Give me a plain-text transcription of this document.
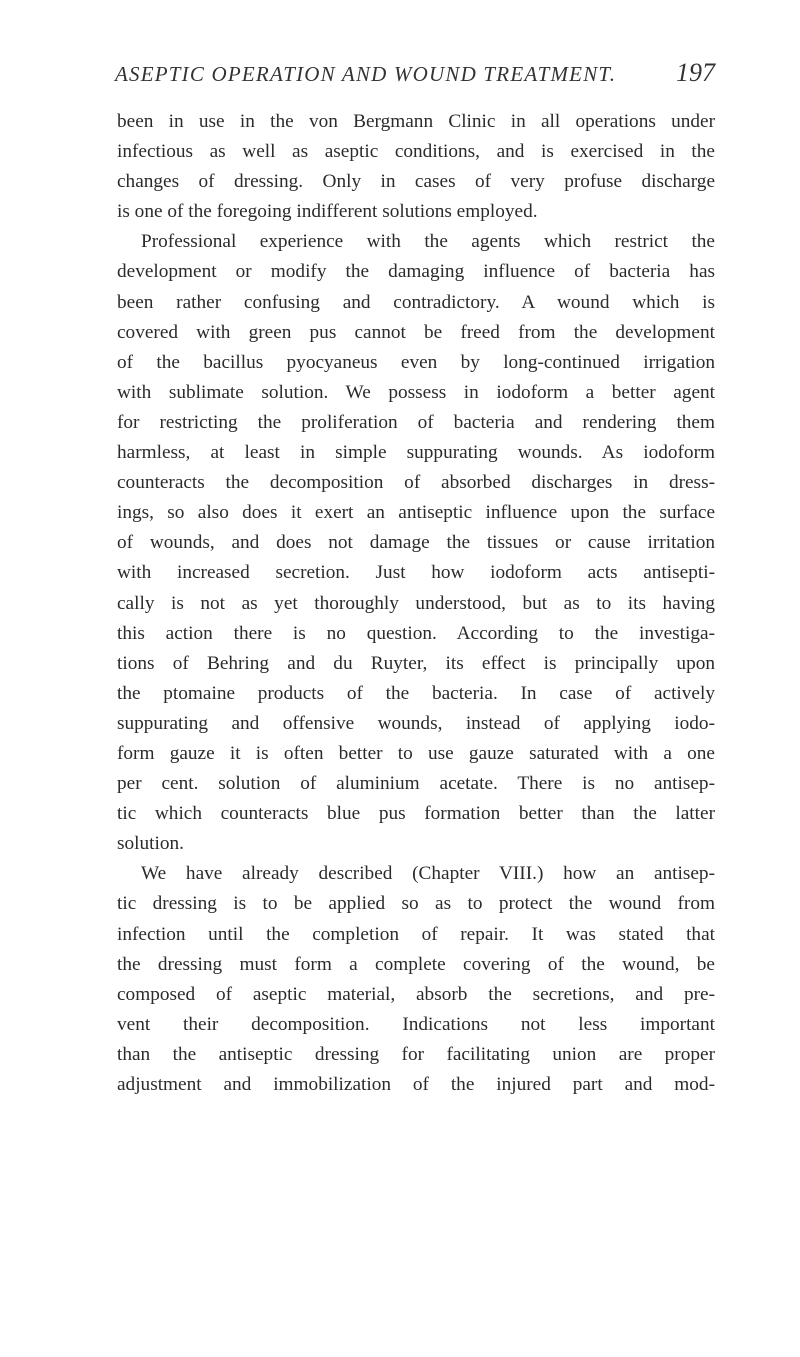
ASEPTIC OPERATION AND WOUND TREATMENT. 197
been in use in the von Bergmann Clinic in all operations under
infectious as well as aseptic conditions, and is exercised in the
changes of dressing. Only in cases of very profuse discharge
is one of the foregoing indifferent solutions employed.
Professional experience with the agents which restrict the
development or modify the damaging influence of bacteria has
been rather confusing and contradictory. A wound which is
covered with green pus cannot be freed from the development
of the bacillus pyocyaneus even by long-continued irrigation
with sublimate solution. We possess in iodoform a better agent
for restricting the proliferation of bacteria and rendering them
harmless, at least in simple suppurating wounds. As iodoform
counteracts the decomposition of absorbed discharges in dress-
ings, so also does it exert an antiseptic influence upon the surface
of wounds, and does not damage the tissues or cause irritation
with increased secretion. Just how iodoform acts antisepti-
cally is not as yet thoroughly understood, but as to its having
this action there is no question. According to the investiga-
tions of Behring and du Ruyter, its effect is principally upon
the ptomaine products of the bacteria. In case of actively
suppurating and offensive wounds, instead of applying iodo-
form gauze it is often better to use gauze saturated with a one
per cent. solution of aluminium acetate. There is no antisep-
tic which counteracts blue pus formation better than the latter
solution.
We have already described (Chapter VIII.) how an antisep-
tic dressing is to be applied so as to protect the wound from
infection until the completion of repair. It was stated that
the dressing must form a complete covering of the wound, be
composed of aseptic material, absorb the secretions, and pre-
vent their decomposition. Indications not less important
than the antiseptic dressing for facilitating union are proper
adjustment and immobilization of the injured part and mod-
